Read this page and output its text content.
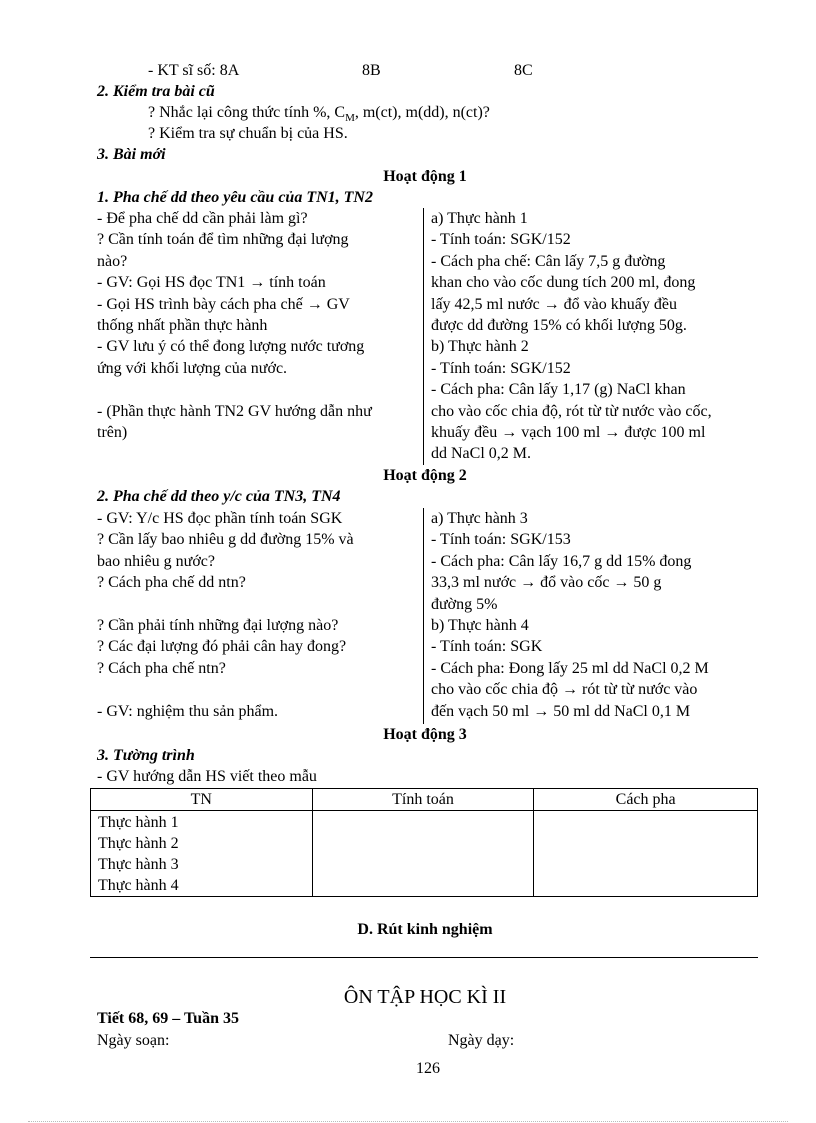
- KT sĩ số: 8A	8B	8C
2. Kiểm tra bài cũ
? Nhắc lại công thức tính %, $C_M$, m(ct), m(dd), n(ct)?
? Kiểm tra sự chuẩn bị của HS.
3. Bài mới
Hoạt động 1
1. Pha chế dd theo yêu cầu của TN1, TN2
- Để pha chế dd cần phải làm gì?
? Cần tính toán để tìm những đại lượng
nào?
- GV: Gọi HS đọc TN1 → tính toán
- Gọi HS trình bày cách pha chế → GV
thống nhất phần thực hành
- GV lưu ý có thể đong lượng nước tương
ứng với khối lượng của nước.
- (Phần thực hành TN2 GV hướng dẫn như
trên)
a) Thực hành 1
- Tính toán: SGK/152
- Cách pha chế: Cân lấy 7,5 g đường
khan cho vào cốc dung tích 200 ml, đong
lấy 42,5 ml nước → đổ vào khuấy đều
được dd đường 15% có khối lượng 50g.
b) Thực hành 2
- Tính toán: SGK/152
- Cách pha: Cân lấy 1,17 (g) NaCl khan
cho vào cốc chia độ, rót từ từ nước vào cốc,
khuấy đều → vạch 100 ml → được 100 ml
dd NaCl 0,2 M.
Hoạt động 2
2. Pha chế dd theo y/c của TN3, TN4
- GV: Y/c HS đọc phần tính toán SGK
? Cần lấy bao nhiêu g dd đường 15% và
bao nhiêu g nước?
? Cách pha chế dd ntn?
? Cần phải tính những đại lượng nào?
? Các đại lượng đó phải cân hay đong?
? Cách pha chế ntn?
- GV: nghiệm thu sản phẩm.
a) Thực hành 3
- Tính toán: SGK/153
- Cách pha: Cân lấy 16,7 g dd 15% đong
33,3 ml nước → đổ vào cốc → 50 g
đường 5%
b) Thực hành 4
- Tính toán: SGK
- Cách pha: Đong lấy 25 ml dd NaCl 0,2 M
cho vào cốc chia độ → rót từ từ nước vào
đến vạch 50 ml → 50 ml dd NaCl 0,1 M
Hoạt động 3
3. Tường trình
- GV hướng dẫn HS viết theo mẫu
TN	Tính toán	Cách pha

Thực hành 1
Thực hành 2
Thực hành 3
Thực hành 4		

D. Rút kinh nghiệm
ÔN TẬP HỌC KÌ II
Tiết 68, 69 – Tuần 35
Ngày soạn:	Ngày dạy:
126
